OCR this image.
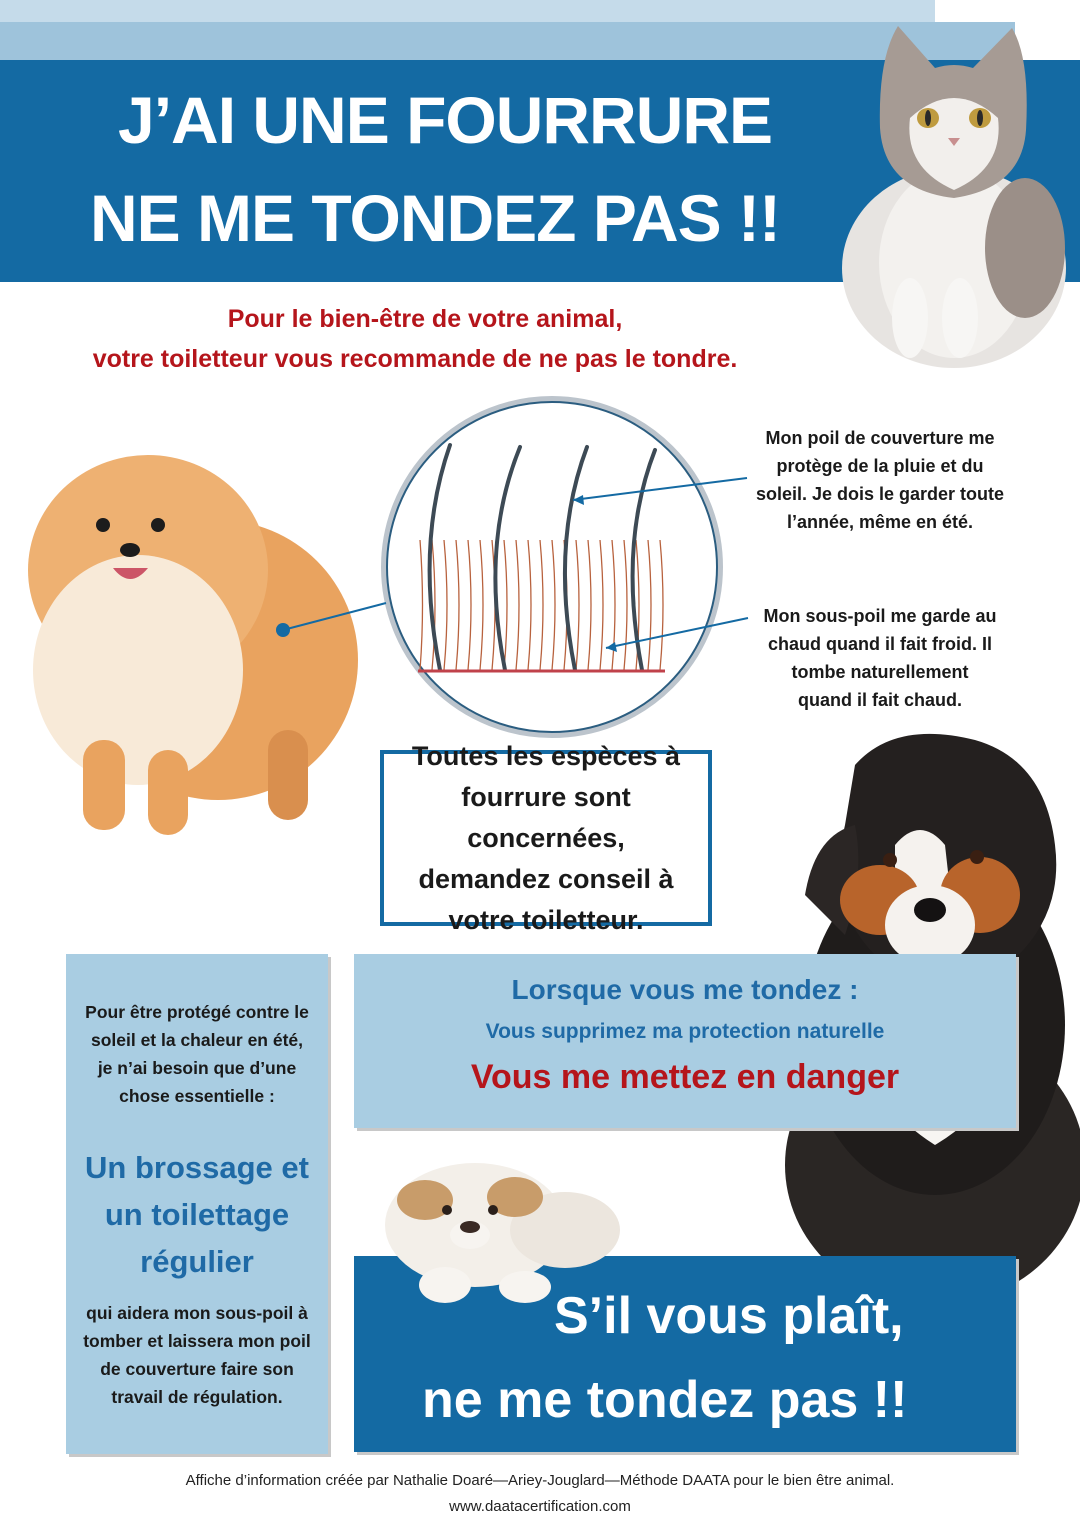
J’AI UNE FOURRURE
NE ME TONDEZ PAS !!
Pour le bien-être de votre animal,
votre toiletteur vous recommande de ne pas le tondre.
Mon poil de couverture me
protège de la pluie et du
soleil. Je dois le garder toute
l’année, même en été.
Mon sous-poil me garde au
chaud quand il fait froid. Il
tombe naturellement
quand il fait chaud.
Toutes les espèces à
fourrure sont concernées,
demandez conseil à
votre toiletteur.
Pour être protégé contre le
soleil et la chaleur en été,
je n’ai besoin que d’une
chose essentielle :
Un brossage et
un toilettage
régulier
qui aidera mon sous-poil à
tomber et laissera mon poil
de couverture faire son
travail de régulation.
Lorsque vous me tondez :
Vous supprimez ma protection naturelle
Vous me mettez en danger
S’il vous plaît,
ne me tondez pas !!
Affiche d’information créée par Nathalie Doaré—Ariey-Jouglard—Méthode DAATA pour le bien être animal.
www.daatacertification.com
